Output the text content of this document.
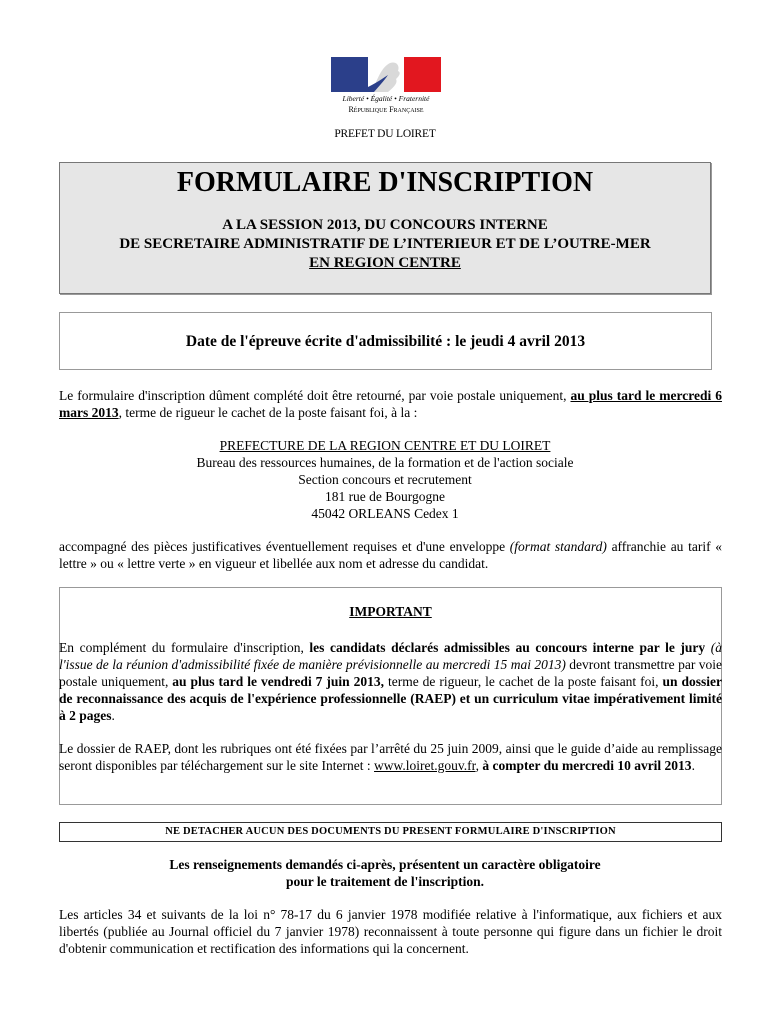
Liberté • Égalité • Fraternité
République Française
PREFET DU LOIRET
FORMULAIRE D'INSCRIPTION
A LA SESSION 2013, DU CONCOURS INTERNE
DE SECRETAIRE ADMINISTRATIF DE L’INTERIEUR ET DE L’OUTRE-MER
EN REGION CENTRE
Date de l'épreuve écrite d'admissibilité : le jeudi 4 avril 2013
Le formulaire d'inscription dûment complété doit être retourné, par voie postale uniquement, au plus tard le mercredi 6 mars 2013, terme de rigueur le cachet de la poste faisant foi, à la :
PREFECTURE DE LA REGION CENTRE ET DU LOIRET
Bureau des ressources humaines, de la formation et de l'action sociale
Section concours et recrutement
181 rue de Bourgogne
45042 ORLEANS Cedex 1
accompagné des pièces justificatives éventuellement requises et d'une enveloppe (format standard) affranchie au tarif « lettre » ou « lettre verte » en vigueur et libellée aux nom et adresse du candidat.
IMPORTANT
En complément du formulaire d'inscription, les candidats déclarés admissibles au concours interne par le jury (à l'issue de la réunion d'admissibilité fixée de manière prévisionnelle au mercredi 15 mai 2013) devront transmettre par voie postale uniquement, au plus tard le vendredi 7 juin 2013, terme de rigueur, le cachet de la poste faisant foi, un dossier de reconnaissance des acquis de l'expérience professionnelle (RAEP) et un curriculum vitae impérativement limité à 2 pages.
Le dossier de RAEP, dont les rubriques ont été fixées par l’arrêté du 25 juin 2009, ainsi que le guide d’aide au remplissage seront disponibles par téléchargement sur le site Internet : www.loiret.gouv.fr, à compter du mercredi 10 avril 2013.
NE DETACHER AUCUN DES DOCUMENTS DU PRESENT FORMULAIRE D'INSCRIPTION
Les renseignements demandés ci-après, présentent un caractère obligatoire
pour le traitement de l'inscription.
Les articles 34 et suivants de la loi n° 78-17 du 6 janvier 1978 modifiée relative à l'informatique, aux fichiers et aux libertés (publiée au Journal officiel du 7 janvier 1978) reconnaissent à toute personne qui figure dans un fichier le droit d'obtenir communication et rectification des informations qui la concernent.
